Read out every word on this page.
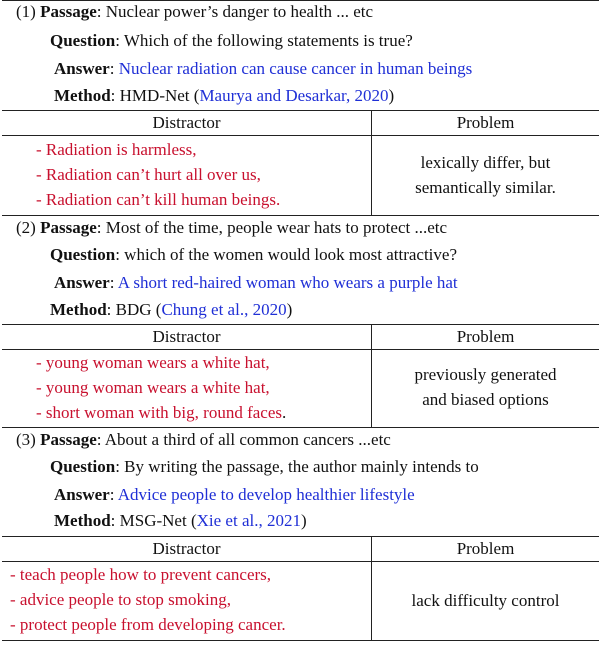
(1) Passage: Nuclear power’s danger to health ... etc
Question: Which of the following statements is true?
Answer: Nuclear radiation can cause cancer in human beings
Method: HMD-Net (Maurya and Desarkar, 2020)
Distractor	Problem
- Radiation is harmless,
- Radiation can’t hurt all over us,
- Radiation can’t kill human beings.
lexically differ, but
semantically similar.
(2) Passage: Most of the time, people wear hats to protect ...etc
Question: which of the women would look most attractive?
Answer: A short red-haired woman who wears a purple hat
Method: BDG (Chung et al., 2020)
Distractor	Problem
- young woman wears a white hat,
- young woman wears a white hat,
- short woman with big, round faces.
previously generated
and biased options
(3) Passage: About a third of all common cancers ...etc
Question: By writing the passage, the author mainly intends to
Answer: Advice people to develop healthier lifestyle
Method: MSG-Net (Xie et al., 2021)
Distractor	Problem
- teach people how to prevent cancers,
- advice people to stop smoking,
- protect people from developing cancer.
lack difficulty control
